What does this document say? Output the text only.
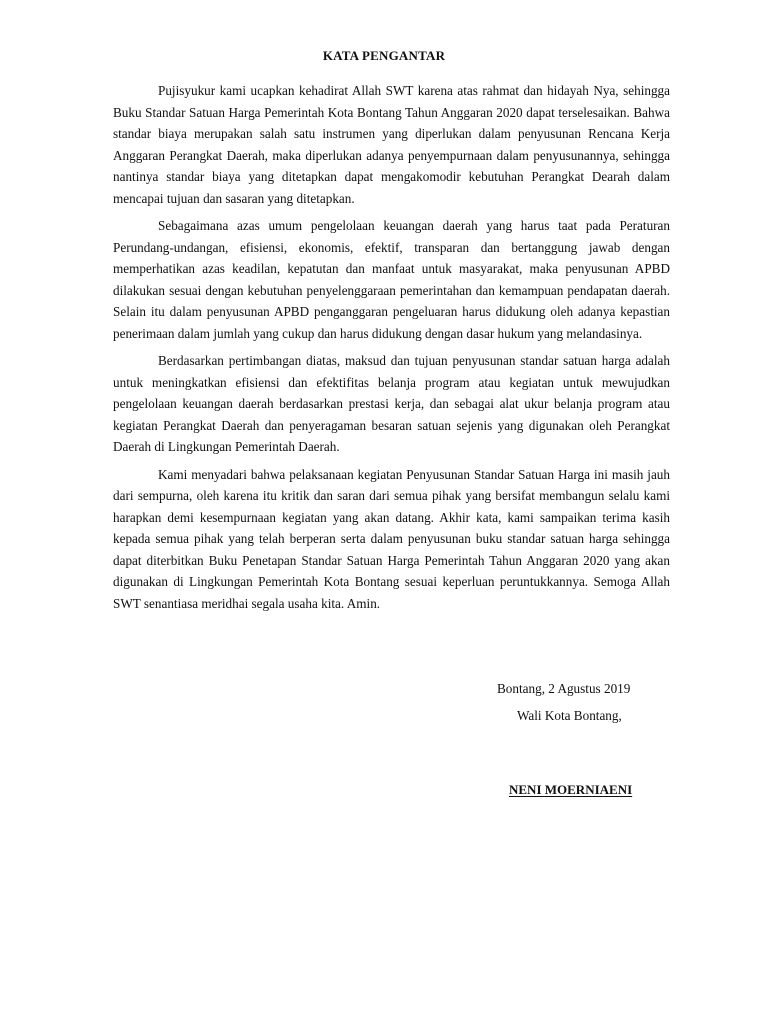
KATA PENGANTAR

Pujisyukur kami ucapkan kehadirat Allah SWT karena atas rahmat dan hidayah Nya, sehingga Buku Standar Satuan Harga Pemerintah Kota Bontang Tahun Anggaran 2020 dapat terselesaikan. Bahwa standar biaya merupakan salah satu instrumen yang diperlukan dalam penyusunan Rencana Kerja Anggaran Perangkat Daerah, maka diperlukan adanya penyempurnaan dalam penyusunannya, sehingga nantinya standar biaya yang ditetapkan dapat mengakomodir kebutuhan Perangkat Dearah dalam mencapai tujuan dan sasaran yang ditetapkan.

Sebagaimana azas umum pengelolaan keuangan daerah yang harus taat pada Peraturan Perundang-undangan, efisiensi, ekonomis, efektif, transparan dan bertanggung jawab dengan memperhatikan azas keadilan, kepatutan dan manfaat untuk masyarakat, maka penyusunan APBD dilakukan sesuai dengan kebutuhan penyelenggaraan pemerintahan dan kemampuan pendapatan daerah. Selain itu dalam penyusunan APBD penganggaran pengeluaran harus didukung oleh adanya kepastian penerimaan dalam jumlah yang cukup dan harus didukung dengan dasar hukum yang melandasinya.

Berdasarkan pertimbangan diatas, maksud dan tujuan penyusunan standar satuan harga adalah untuk meningkatkan efisiensi dan efektifitas belanja program atau kegiatan untuk mewujudkan pengelolaan keuangan daerah berdasarkan prestasi kerja, dan sebagai alat ukur belanja program atau kegiatan Perangkat Daerah dan penyeragaman besaran satuan sejenis yang digunakan oleh Perangkat Daerah di Lingkungan Pemerintah Daerah.

Kami menyadari bahwa pelaksanaan kegiatan Penyusunan Standar Satuan Harga ini masih jauh dari sempurna, oleh karena itu kritik dan saran dari semua pihak yang bersifat membangun selalu kami harapkan demi kesempurnaan kegiatan yang akan datang. Akhir kata, kami sampaikan terima kasih kepada semua pihak yang telah berperan serta dalam penyusunan buku standar satuan harga sehingga dapat diterbitkan Buku Penetapan Standar Satuan Harga Pemerintah Tahun Anggaran 2020 yang akan digunakan di Lingkungan Pemerintah Kota Bontang sesuai keperluan peruntukkannya. Semoga Allah SWT senantiasa meridhai segala usaha kita. Amin.

Bontang, 2 Agustus 2019
Wali Kota Bontang,
NENI MOERNIAENI
